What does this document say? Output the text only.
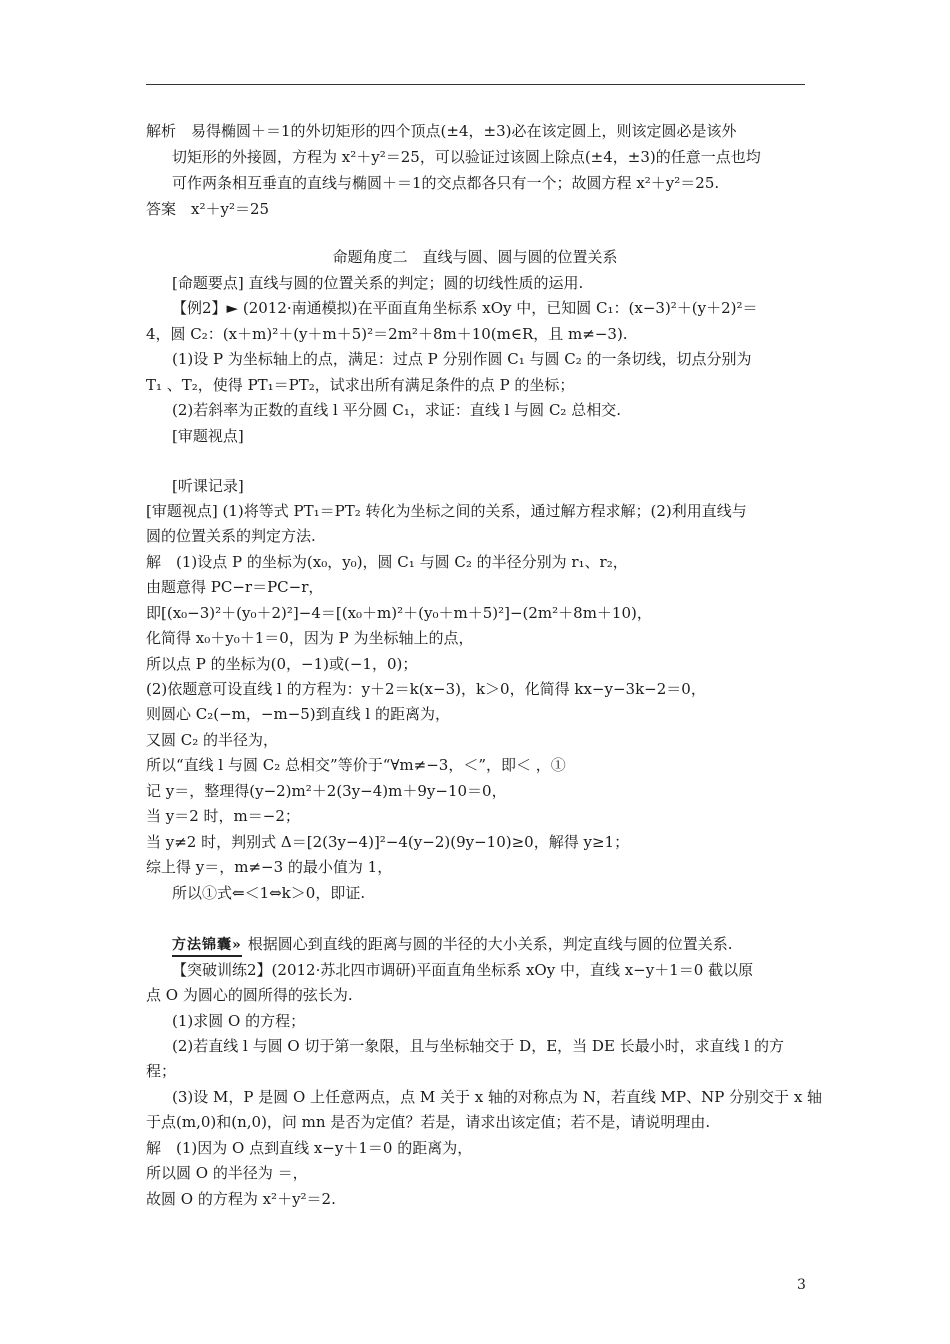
解析　易得椭圆＋＝1的外切矩形的四个顶点(±4，±3)必在该定圆上，则该定圆必是该外
切矩形的外接圆，方程为 x²＋y²＝25，可以验证过该圆上除点(±4，±3)的任意一点也均
可作两条相互垂直的直线与椭圆＋＝1的交点都各只有一个；故圆方程 x²＋y²＝25.
答案　x²＋y²＝25
命题角度二　直线与圆、圆与圆的位置关系
[命题要点] 直线与圆的位置关系的判定；圆的切线性质的运用.
【例2】► (2012·南通模拟)在平面直角坐标系 xOy 中，已知圆 C₁：(x−3)²＋(y＋2)²＝
4，圆 C₂：(x＋m)²＋(y＋m＋5)²＝2m²＋8m＋10(m∈R，且 m≠−3).
(1)设 P 为坐标轴上的点，满足：过点 P 分别作圆 C₁ 与圆 C₂ 的一条切线，切点分别为
T₁ 、T₂，使得 PT₁＝PT₂，试求出所有满足条件的点 P 的坐标；
(2)若斜率为正数的直线 l 平分圆 C₁，求证：直线 l 与圆 C₂ 总相交.
[审题视点]
[听课记录]
[审题视点] (1)将等式 PT₁＝PT₂ 转化为坐标之间的关系，通过解方程求解；(2)利用直线与
圆的位置关系的判定方法.
解　(1)设点 P 的坐标为(x₀，y₀)，圆 C₁ 与圆 C₂ 的半径分别为 r₁、r₂，
由题意得 PC−r＝PC−r，
即[(x₀−3)²＋(y₀＋2)²]−4＝[(x₀＋m)²＋(y₀＋m＋5)²]−(2m²＋8m＋10)，
化简得 x₀＋y₀＋1＝0，因为 P 为坐标轴上的点，
所以点 P 的坐标为(0，−1)或(−1，0)；
(2)依题意可设直线 l 的方程为：y＋2＝k(x−3)，k＞0，化简得 kx−y−3k−2＝0，
则圆心 C₂(−m，−m−5)到直线 l 的距离为，
又圆 C₂ 的半径为，
所以“直线 l 与圆 C₂ 总相交”等价于“∀m≠−3，＜”，即＜ ，①
记 y＝，整理得(y−2)m²＋2(3y−4)m＋9y−10＝0，
当 y＝2 时，m＝−2；
当 y≠2 时，判别式 Δ＝[2(3y−4)]²−4(y−2)(9y−10)≥0，解得 y≥1；
综上得 y＝，m≠−3 的最小值为 1，
所以①式⇐＜1⇔k＞0，即证.
方法锦囊» 根据圆心到直线的距离与圆的半径的大小关系，判定直线与圆的位置关系.
【突破训练2】(2012·苏北四市调研)平面直角坐标系 xOy 中，直线 x−y＋1＝0 截以原
点 O 为圆心的圆所得的弦长为.
(1)求圆 O 的方程；
(2)若直线 l 与圆 O 切于第一象限，且与坐标轴交于 D，E，当 DE 长最小时，求直线 l 的方
程；
(3)设 M，P 是圆 O 上任意两点，点 M 关于 x 轴的对称点为 N，若直线 MP、NP 分别交于 x 轴
于点(m,0)和(n,0)，问 mn 是否为定值？若是，请求出该定值；若不是，请说明理由.
解　(1)因为 O 点到直线 x−y＋1＝0 的距离为，
所以圆 O 的半径为 ＝，
故圆 O 的方程为 x²＋y²＝2.
3
